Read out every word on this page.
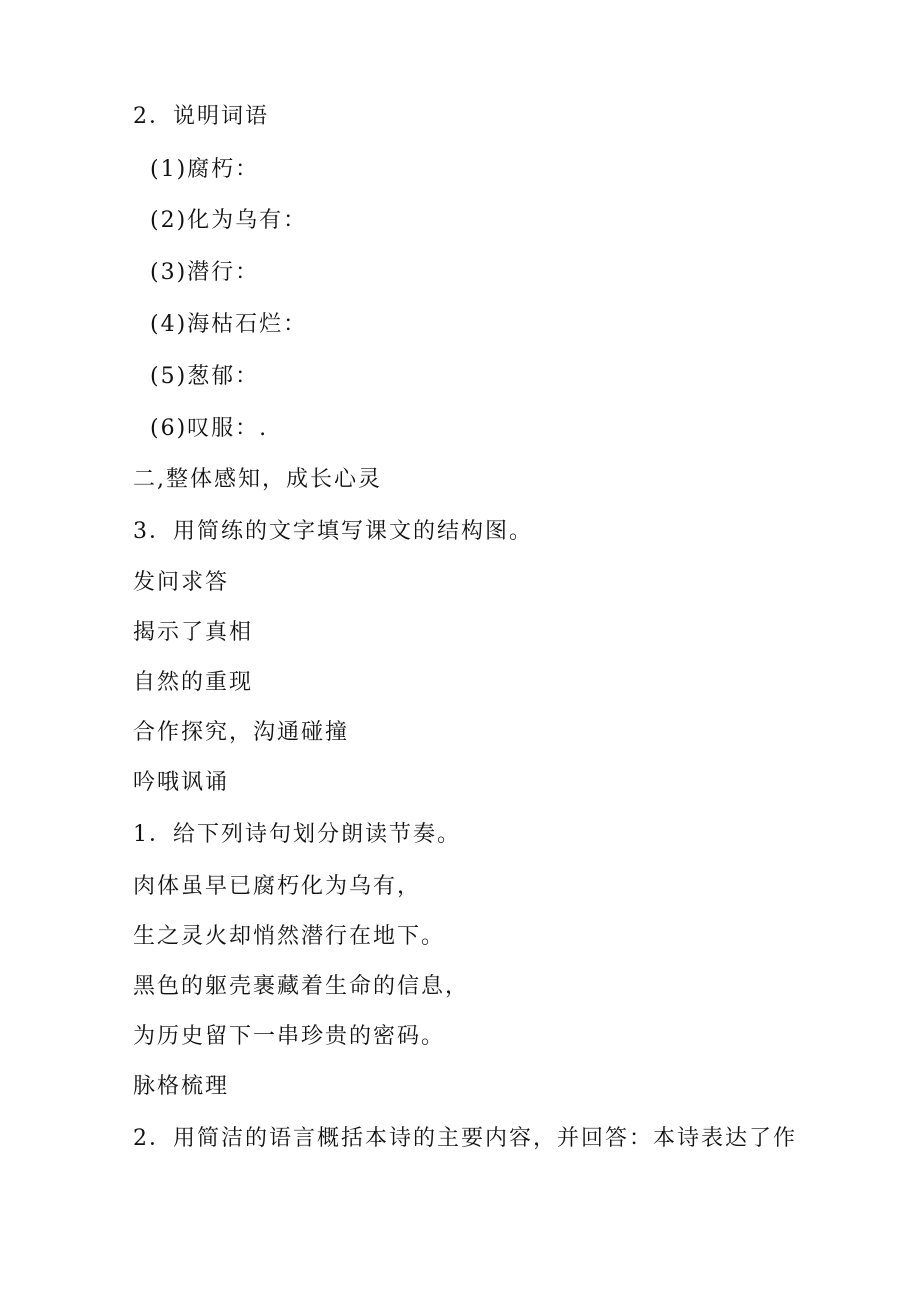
2．说明词语
(1)腐朽：
(2)化为乌有：
(3)潜行：
(4)海枯石烂：
(5)葱郁：
(6)叹服：.
二,整体感知，成长心灵
3．用简练的文字填写课文的结构图。
发问求答
揭示了真相
自然的重现
合作探究，沟通碰撞
吟哦讽诵
1．给下列诗句划分朗读节奏。
肉体虽早已腐朽化为乌有，
生之灵火却悄然潜行在地下。
黑色的躯壳裹藏着生命的信息，
为历史留下一串珍贵的密码。
脉格梳理
2．用简洁的语言概括本诗的主要内容，并回答：本诗表达了作
